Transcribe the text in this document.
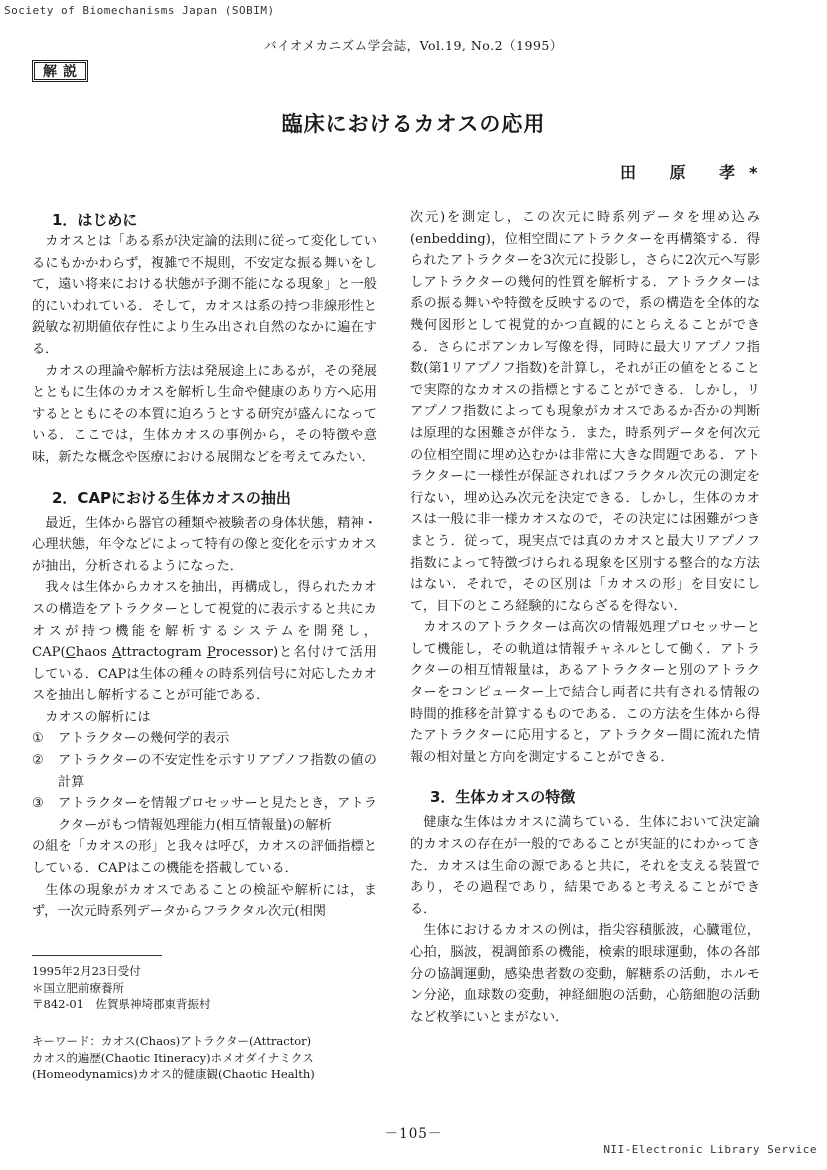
Society of Biomechanisms Japan (SOBIM)
バイオメカニズム学会誌，Vol.19, No.2（1995）
解説
臨床におけるカオスの応用
田 原 孝*
1．はじめに

カオスとは「ある系が決定論的法則に従って変化しているにもかかわらず，複雑で不規則，不安定な振る舞いをして，遠い将来における状態が予測不能になる現象」と一般的にいわれている．そして，カオスは系の持つ非線形性と鋭敏な初期値依存性により生み出され自然のなかに遍在する．

カオスの理論や解析方法は発展途上にあるが，その発展とともに生体のカオスを解析し生命や健康のあり方へ応用するとともにその本質に迫ろうとする研究が盛んになっている．ここでは，生体カオスの事例から，その特徴や意味，新たな概念や医療における展開などを考えてみたい．

2．CAPにおける生体カオスの抽出

最近，生体から器官の種類や被験者の身体状態，精神・心理状態，年令などによって特有の像と変化を示すカオスが抽出，分析されるようになった．

我々は生体からカオスを抽出，再構成し，得られたカオスの構造をアトラクターとして視覚的に表示すると共にカオスが持つ機能を解析するシステムを開発し，CAP(Chaos Attractogram Processor)と名付けて活用している．CAPは生体の種々の時系列信号に対応したカオスを抽出し解析することが可能である．

カオスの解析には

①	アトラクターの幾何学的表示
②	アトラクターの不安定性を示すリアプノフ指数の値の計算
③	アトラクターを情報プロセッサーと見たとき，アトラクターがもつ情報処理能力(相互情報量)の解析

の組を「カオスの形」と我々は呼び，カオスの評価指標としている．CAPはこの機能を搭載している．

生体の現象がカオスであることの検証や解析には，まず，一次元時系列データからフラクタル次元(相関

1995年2月23日受付
＊国立肥前療養所
〒842-01　佐賀県神埼郡東背振村
キーワード：カオス(Chaos)アトラクター(Attractor)
カオス的遍歴(Chaotic Itineracy)ホメオダイナミクス
(Homeodynamics)カオス的健康観(Chaotic Health)

次元)を測定し，この次元に時系列データを埋め込み(enbedding)，位相空間にアトラクターを再構築する．得られたアトラクターを3次元に投影し，さらに2次元へ写影しアトラクターの幾何的性質を解析する．アトラクターは系の振る舞いや特徴を反映するので，系の構造を全体的な幾何図形として視覚的かつ直観的にとらえることができる．さらにポアンカレ写像を得，同時に最大リアプノフ指数(第1リアプノフ指数)を計算し，それが正の値をとることで実際的なカオスの指標とすることができる．しかし，リアプノフ指数によっても現象がカオスであるか否かの判断は原理的な困難さが伴なう．また，時系列データを何次元の位相空間に埋め込むかは非常に大きな問題である．アトラクターに一様性が保証されればフラクタル次元の測定を行ない，埋め込み次元を決定できる．しかし，生体のカオスは一般に非一様カオスなので，その決定には困難がつきまとう．従って，現実点では真のカオスと最大リアプノフ指数によって特徴づけられる現象を区別する整合的な方法はない．それで，その区別は「カオスの形」を目安にして，目下のところ経験的にならざるを得ない．

カオスのアトラクターは高次の情報処理プロセッサーとして機能し，その軌道は情報チャネルとして働く．アトラクターの相互情報量は，あるアトラクターと別のアトラクターをコンピューター上で結合し両者に共有される情報の時間的推移を計算するものである．この方法を生体から得たアトラクターに応用すると，アトラクター間に流れた情報の相対量と方向を測定することができる．

3．生体カオスの特徴

健康な生体はカオスに満ちている．生体において決定論的カオスの存在が一般的であることが実証的にわかってきた．カオスは生命の源であると共に，それを支える装置であり，その過程であり，結果であると考えることができる．

生体におけるカオスの例は，指尖容積脈波，心臓電位，心拍，脳波，視調節系の機能，検索的眼球運動，体の各部分の協調運動，感染患者数の変動，解糖系の活動，ホルモン分泌，血球数の変動，神経細胞の活動，心筋細胞の活動など枚挙にいとまがない．

－105－
NII-Electronic Library Service
